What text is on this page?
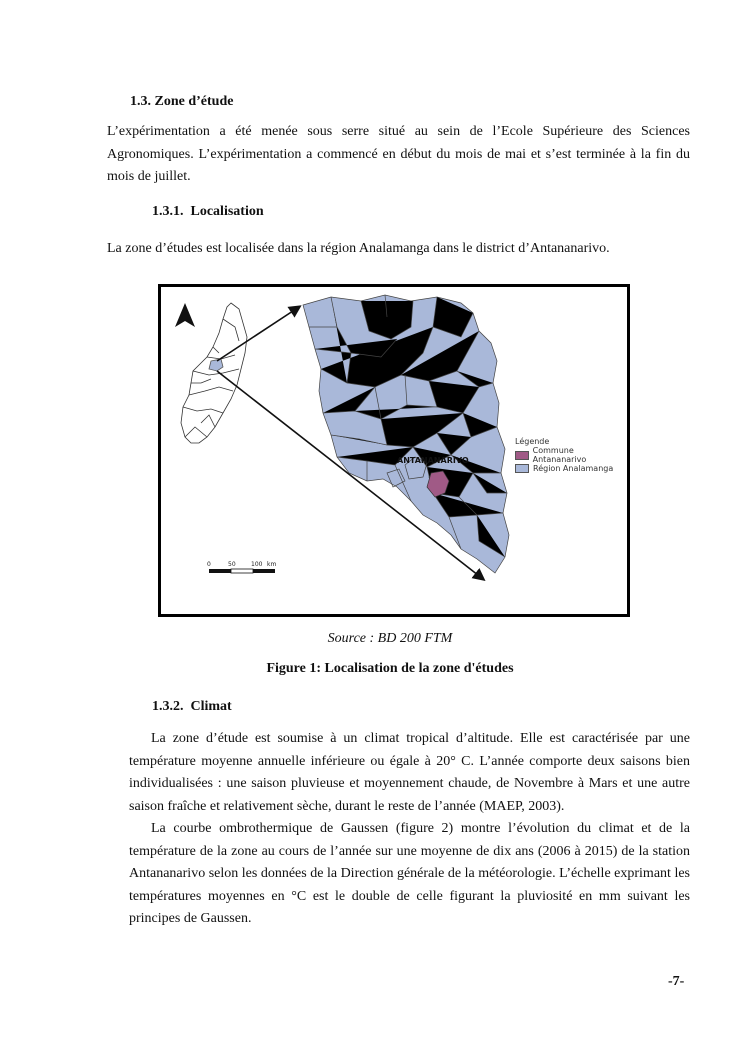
1.3. Zone d’étude
L’expérimentation a été menée sous serre situé au sein de l’Ecole Supérieure des Sciences Agronomiques. L’expérimentation a commencé en début du mois de mai et s’est terminée à la fin du mois de juillet.
1.3.1.  Localisation
La zone d’études est localisée dans la région Analamanga dans le district d’Antananarivo.
ANTANANARIVO
0	50	100 km
Légende
Commune Antananarivo
Région Analamanga
Source : BD 200 FTM
Figure 1: Localisation de la zone d'études
1.3.2.  Climat
La zone d’étude est soumise à un climat tropical d’altitude. Elle est caractérisée par une température moyenne annuelle inférieure ou égale à 20° C. L’année comporte deux saisons bien individualisées : une saison pluvieuse et moyennement chaude, de Novembre à Mars et une autre saison fraîche et relativement sèche, durant le reste de l’année (MAEP, 2003).
La courbe ombrothermique de Gaussen (figure 2) montre l’évolution du climat et de la température de la zone au cours de l’année sur une moyenne de dix ans (2006 à 2015) de la station Antananarivo selon les données de la Direction générale de la météorologie. L’échelle exprimant les températures moyennes en °C est le double de celle figurant la pluviosité en mm suivant les principes de Gaussen.
-7-
